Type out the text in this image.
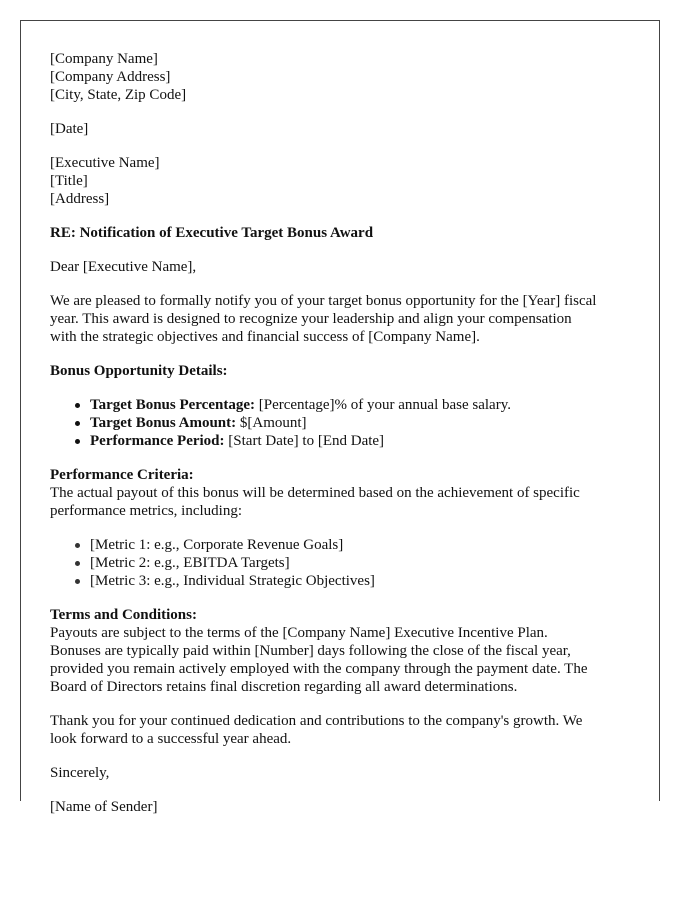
[Company Name]
[Company Address]
[City, State, Zip Code]
[Date]
[Executive Name]
[Title]
[Address]
RE: Notification of Executive Target Bonus Award
Dear [Executive Name],
We are pleased to formally notify you of your target bonus opportunity for the [Year] fiscal
year. This award is designed to recognize your leadership and align your compensation
with the strategic objectives and financial success of [Company Name].
Bonus Opportunity Details:
Target Bonus Percentage: [Percentage]% of your annual base salary.
Target Bonus Amount: $[Amount]
Performance Period: [Start Date] to [End Date]
Performance Criteria:
The actual payout of this bonus will be determined based on the achievement of specific
performance metrics, including:
[Metric 1: e.g., Corporate Revenue Goals]
[Metric 2: e.g., EBITDA Targets]
[Metric 3: e.g., Individual Strategic Objectives]
Terms and Conditions:
Payouts are subject to the terms of the [Company Name] Executive Incentive Plan.
Bonuses are typically paid within [Number] days following the close of the fiscal year,
provided you remain actively employed with the company through the payment date. The
Board of Directors retains final discretion regarding all award determinations.
Thank you for your continued dedication and contributions to the company's growth. We
look forward to a successful year ahead.
Sincerely,
[Name of Sender]
